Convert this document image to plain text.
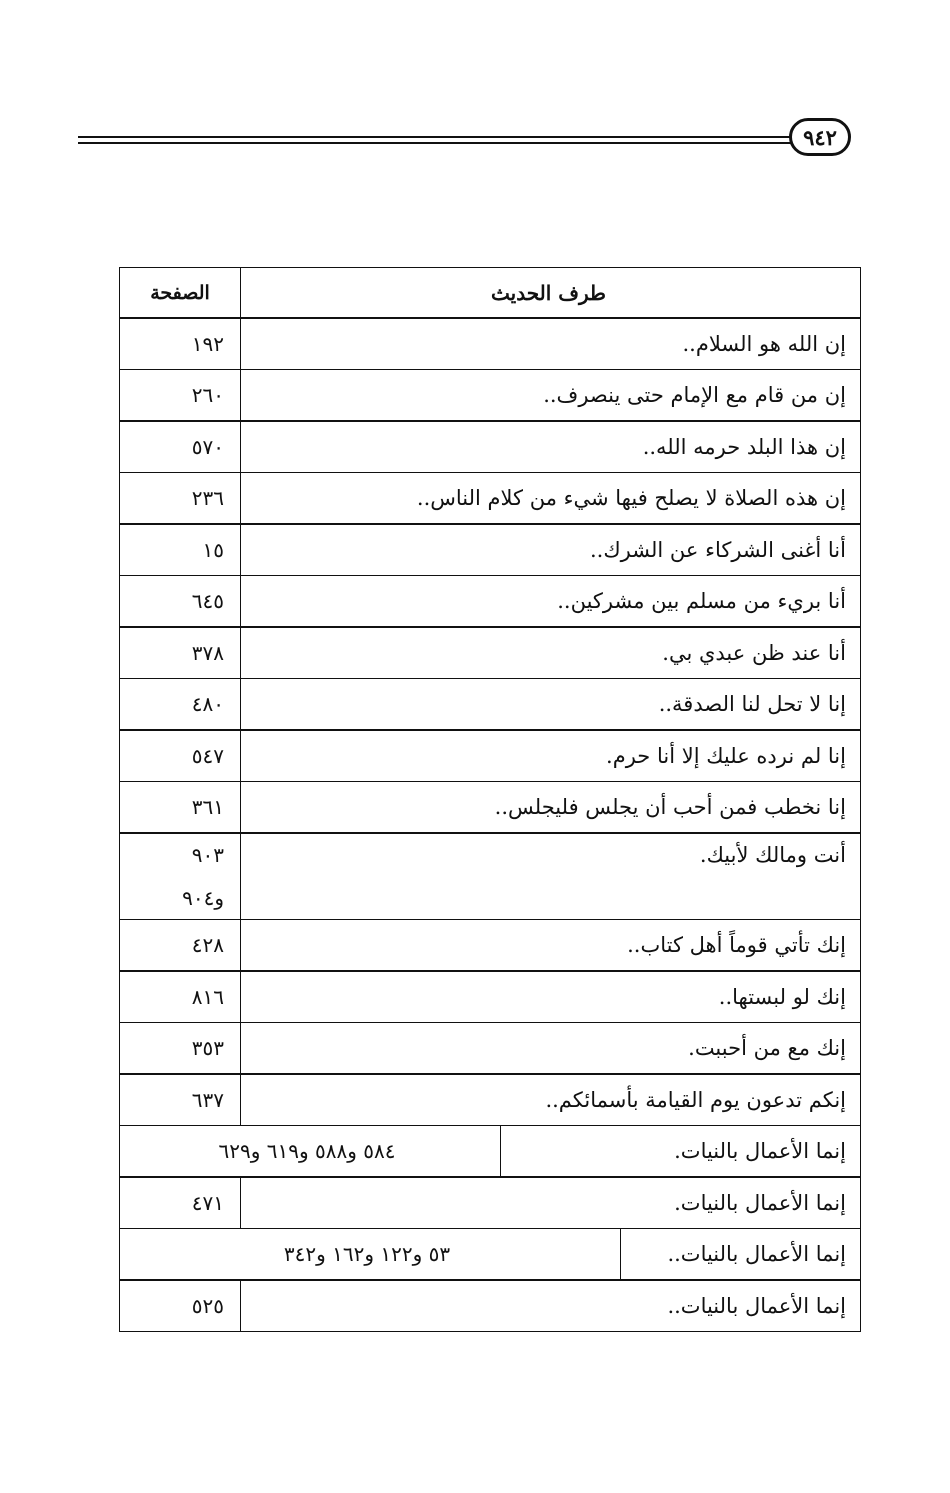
٩٤٢
طرف الحديث
الصفحة
إن الله هو السلام..
١٩٢
إن من قام مع الإمام حتى ينصرف..
٢٦٠
إن هذا البلد حرمه الله..
٥٧٠
إن هذه الصلاة لا يصلح فيها شيء من كلام الناس..
٢٣٦
أنا أغنى الشركاء عن الشرك..
١٥
أنا بريء من مسلم بين مشركين..
٦٤٥
أنا عند ظن عبدي بي.
٣٧٨
إنا لا تحل لنا الصدقة..
٤٨٠
إنا لم نرده عليك إلا أنا حرم.
٥٤٧
إنا نخطب فمن أحب أن يجلس فليجلس..
٣٦١
أنت ومالك لأبيك.
٩٠٣
و٩٠٤
إنك تأتي قوماً أهل كتاب..
٤٢٨
إنك لو لبستها..
٨١٦
إنك مع من أحببت.
٣٥٣
إنكم تدعون يوم القيامة بأسمائكم..
٦٣٧
إنما الأعمال بالنيات.
٥٨٤ و٥٨٨ و٦١٩ و٦٢٩
إنما الأعمال بالنيات.
٤٧١
إنما الأعمال بالنيات..
٥٣ و١٢٢ و١٦٢ و٣٤٢
إنما الأعمال بالنيات..
٥٢٥
